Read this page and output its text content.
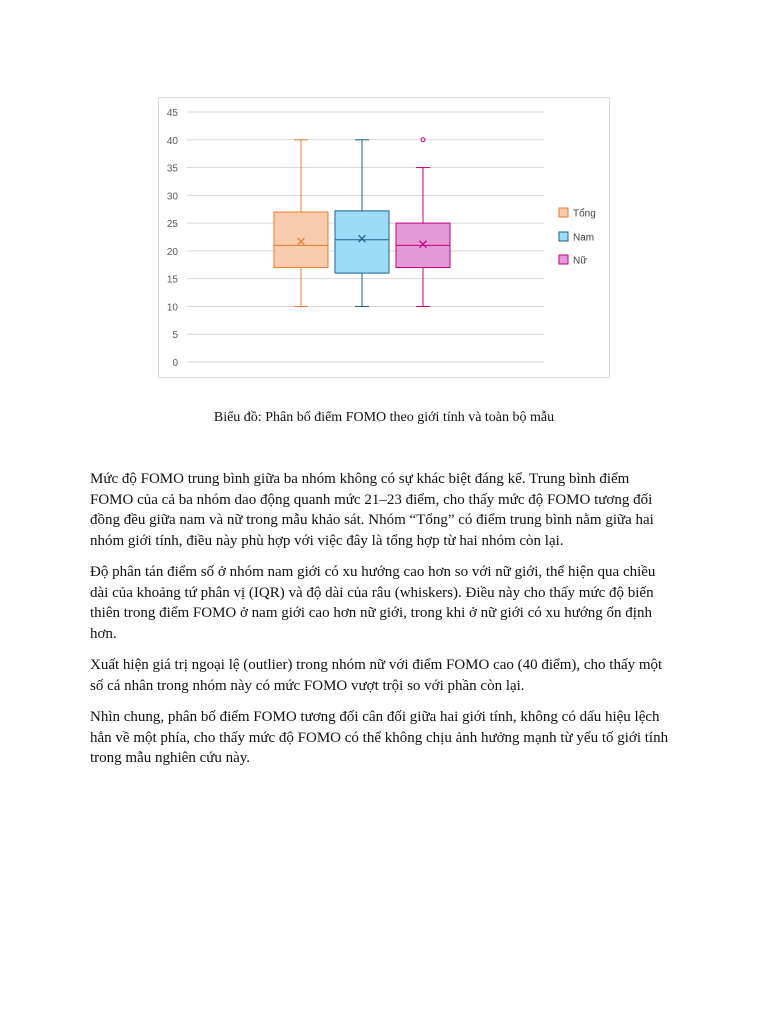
0
5
10
15
20
25
30
35
40
45
Tổng
Nam
Nữ
Biểu đồ: Phân bố điểm FOMO theo giới tính và toàn bộ mẫu

Mức độ FOMO trung bình giữa ba nhóm không có sự khác biệt đáng kể. Trung bình điểm FOMO của cả ba nhóm dao động quanh mức 21–23 điểm, cho thấy mức độ FOMO tương đối đồng đều giữa nam và nữ trong mẫu khảo sát. Nhóm “Tổng” có điểm trung bình nằm giữa hai nhóm giới tính, điều này phù hợp với việc đây là tổng hợp từ hai nhóm còn lại.

Độ phân tán điểm số ở nhóm nam giới có xu hướng cao hơn so với nữ giới, thể hiện qua chiều dài của khoảng tứ phân vị (IQR) và độ dài của râu (whiskers). Điều này cho thấy mức độ biến thiên trong điểm FOMO ở nam giới cao hơn nữ giới, trong khi ở nữ giới có xu hướng ổn định hơn.

Xuất hiện giá trị ngoại lệ (outlier) trong nhóm nữ với điểm FOMO cao (40 điểm), cho thấy một số cá nhân trong nhóm này có mức FOMO vượt trội so với phần còn lại.

Nhìn chung, phân bố điểm FOMO tương đối cân đối giữa hai giới tính, không có dấu hiệu lệch hẳn về một phía, cho thấy mức độ FOMO có thể không chịu ảnh hưởng mạnh từ yếu tố giới tính trong mẫu nghiên cứu này.
